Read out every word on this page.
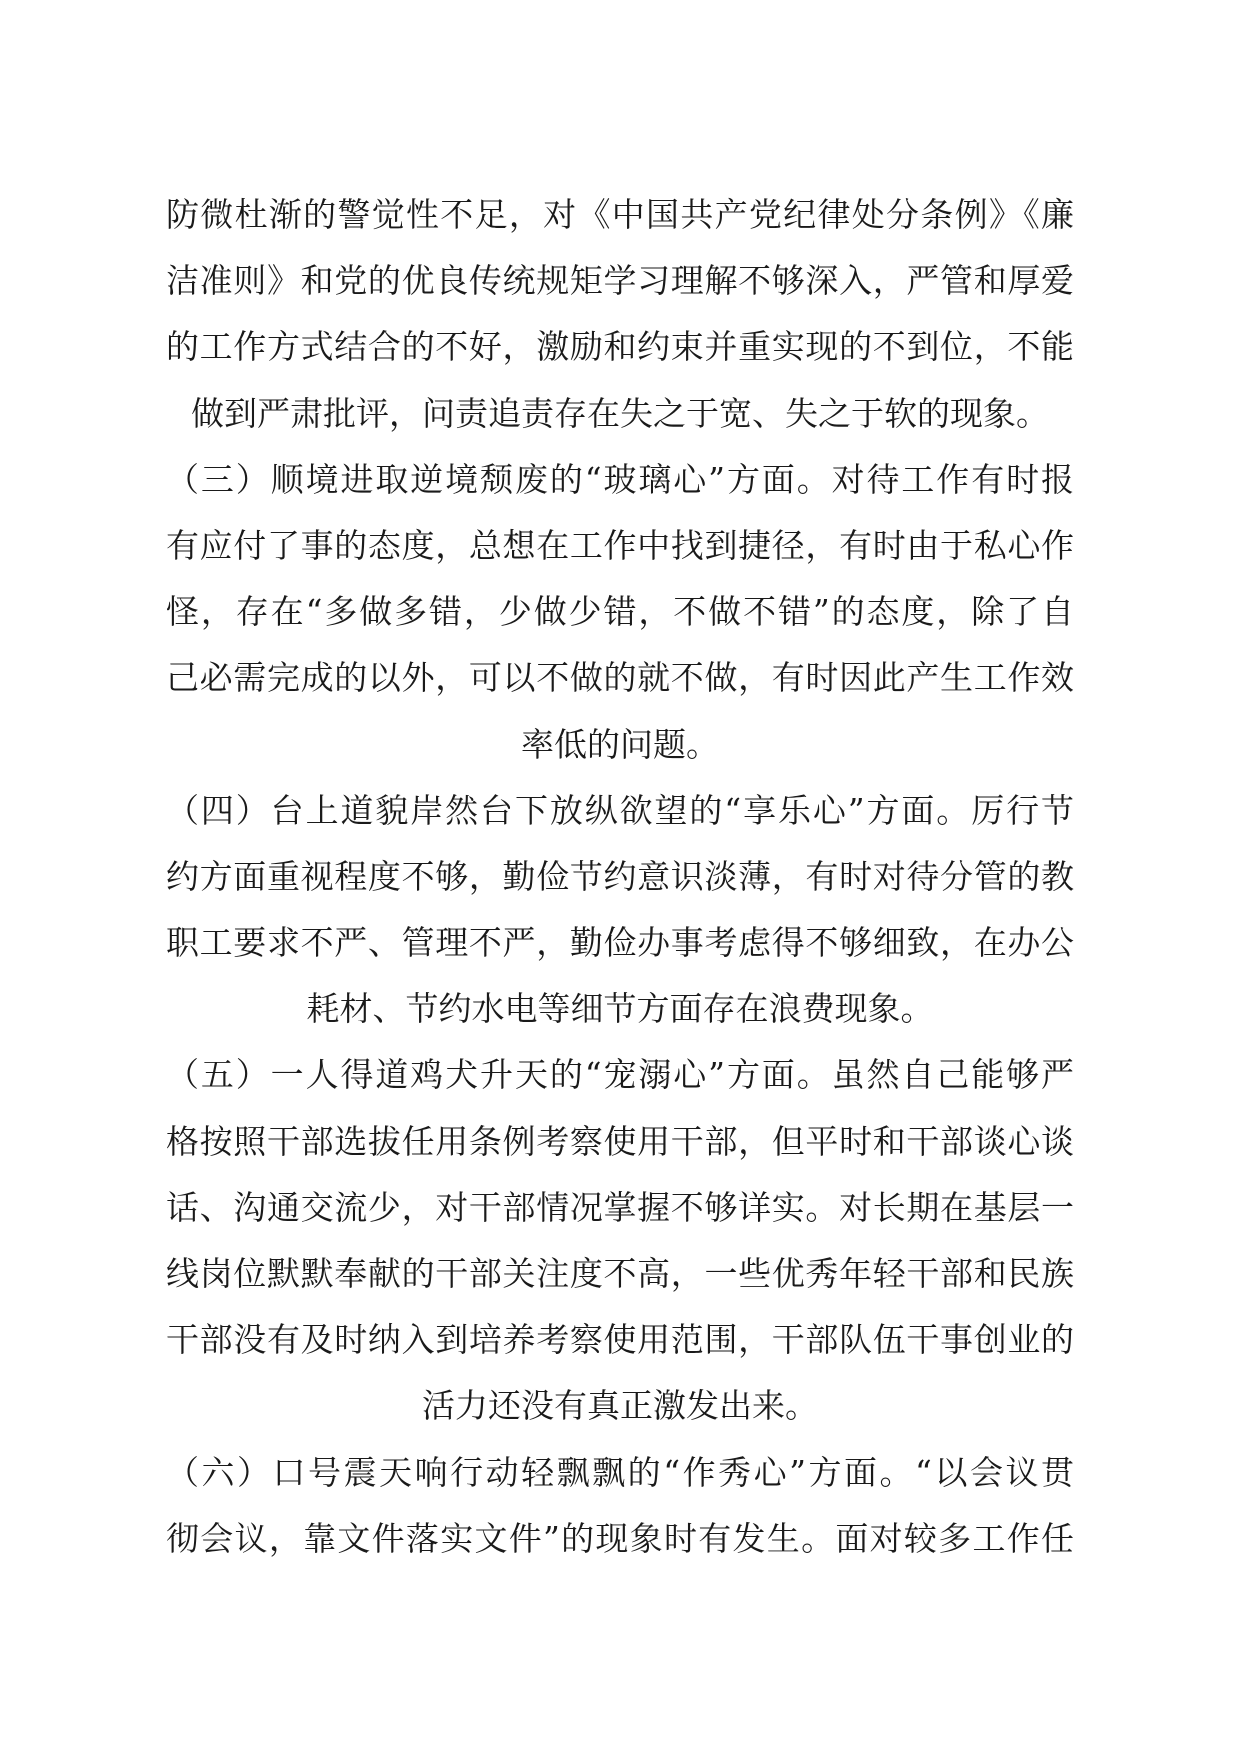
防微杜渐的警觉性不足，对《中国共产党纪律处分条例》《廉
洁准则》和党的优良传统规矩学习理解不够深入，严管和厚爱
的工作方式结合的不好，激励和约束并重实现的不到位，不能
做到严肃批评，问责追责存在失之于宽、失之于软的现象。
（三）顺境进取逆境颓废的“玻璃心”方面。对待工作有时报
有应付了事的态度，总想在工作中找到捷径，有时由于私心作
怪，存在“多做多错，少做少错，不做不错”的态度，除了自
己必需完成的以外，可以不做的就不做，有时因此产生工作效
率低的问题。
（四）台上道貌岸然台下放纵欲望的“享乐心”方面。厉行节
约方面重视程度不够，勤俭节约意识淡薄，有时对待分管的教
职工要求不严、管理不严，勤俭办事考虑得不够细致，在办公
耗材、节约水电等细节方面存在浪费现象。
（五）一人得道鸡犬升天的“宠溺心”方面。虽然自己能够严
格按照干部选拔任用条例考察使用干部，但平时和干部谈心谈
话、沟通交流少，对干部情况掌握不够详实。对长期在基层一
线岗位默默奉献的干部关注度不高，一些优秀年轻干部和民族
干部没有及时纳入到培养考察使用范围，干部队伍干事创业的
活力还没有真正激发出来。
（六）口号震天响行动轻飘飘的“作秀心”方面。“以会议贯
彻会议，靠文件落实文件”的现象时有发生。面对较多工作任
